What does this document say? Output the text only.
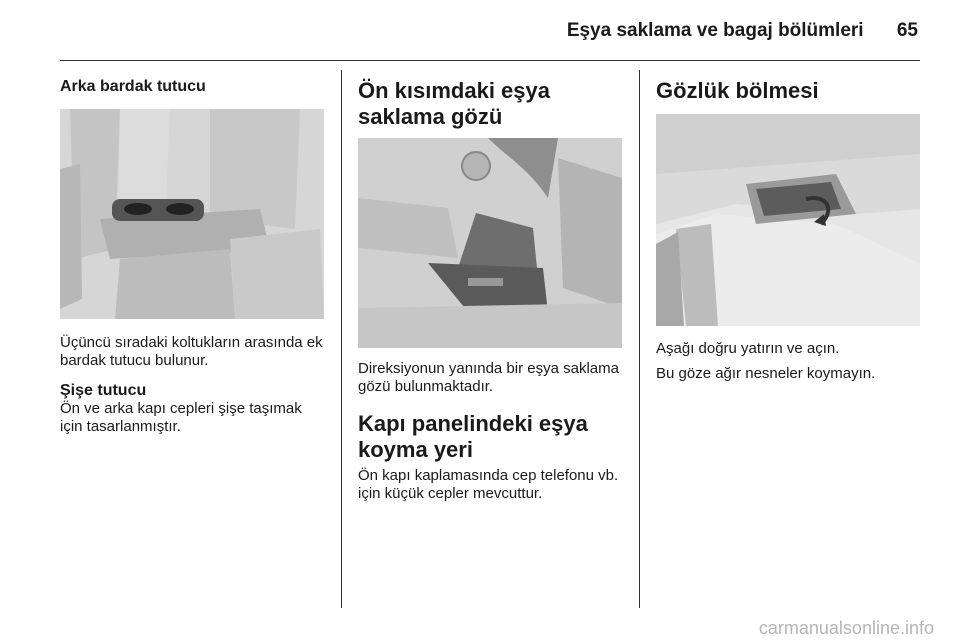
Eşya saklama ve bagaj bölümleri 65
Arka bardak tutucu

Üçüncü sıradaki koltukların arasında ek bardak tutucu bulunur.

Şişe tutucu

Ön ve arka kapı cepleri şişe taşımak için tasarlanmıştır.

Ön kısımdaki eşya saklama gözü

Direksiyonun yanında bir eşya saklama gözü bulunmaktadır.

Kapı panelindeki eşya koyma yeri

Ön kapı kaplamasında cep telefonu vb. için küçük cepler mevcuttur.

Gözlük bölmesi

Aşağı doğru yatırın ve açın.

Bu göze ağır nesneler koymayın.

carmanualsonline.info
